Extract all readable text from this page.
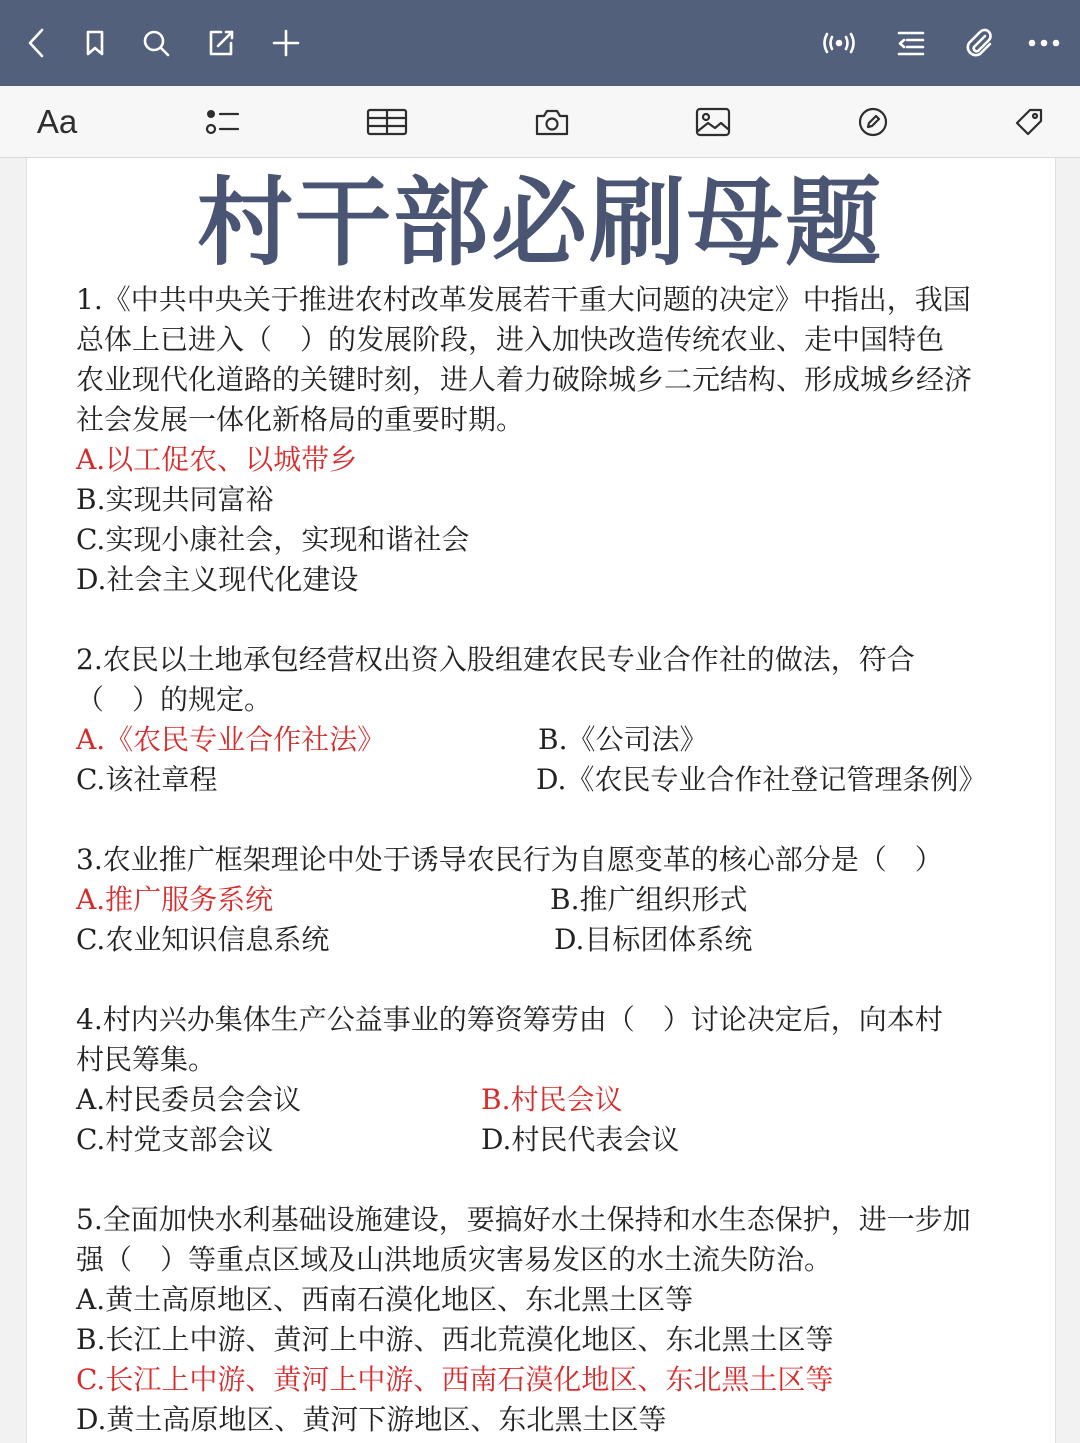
Aa
村干部必刷母题
1.《中共中央关于推进农村改革发展若干重大问题的决定》中指出，我国
总体上已进入（　）的发展阶段，进入加快改造传统农业、走中国特色
农业现代化道路的关键时刻，进人着力破除城乡二元结构、形成城乡经济
社会发展一体化新格局的重要时期。
A.以工促农、以城带乡
B.实现共同富裕
C.实现小康社会，实现和谐社会
D.社会主义现代化建设
2.农民以土地承包经营权出资入股组建农民专业合作社的做法，符合
（　）的规定。
A.《农民专业合作社法》	B.《公司法》
C.该社章程	D.《农民专业合作社登记管理条例》
3.农业推广框架理论中处于诱导农民行为自愿变革的核心部分是（　）
A.推广服务系统	B.推广组织形式
C.农业知识信息系统	D.目标团体系统
4.村内兴办集体生产公益事业的筹资筹劳由（　）讨论决定后，向本村
村民筹集。
A.村民委员会会议	B.村民会议
C.村党支部会议	D.村民代表会议
5.全面加快水利基础设施建设，要搞好水土保持和水生态保护，进一步加
强（　）等重点区域及山洪地质灾害易发区的水土流失防治。
A.黄土高原地区、西南石漠化地区、东北黑土区等
B.长江上中游、黄河上中游、西北荒漠化地区、东北黑土区等
C.长江上中游、黄河上中游、西南石漠化地区、东北黑土区等
D.黄土高原地区、黄河下游地区、东北黑土区等
